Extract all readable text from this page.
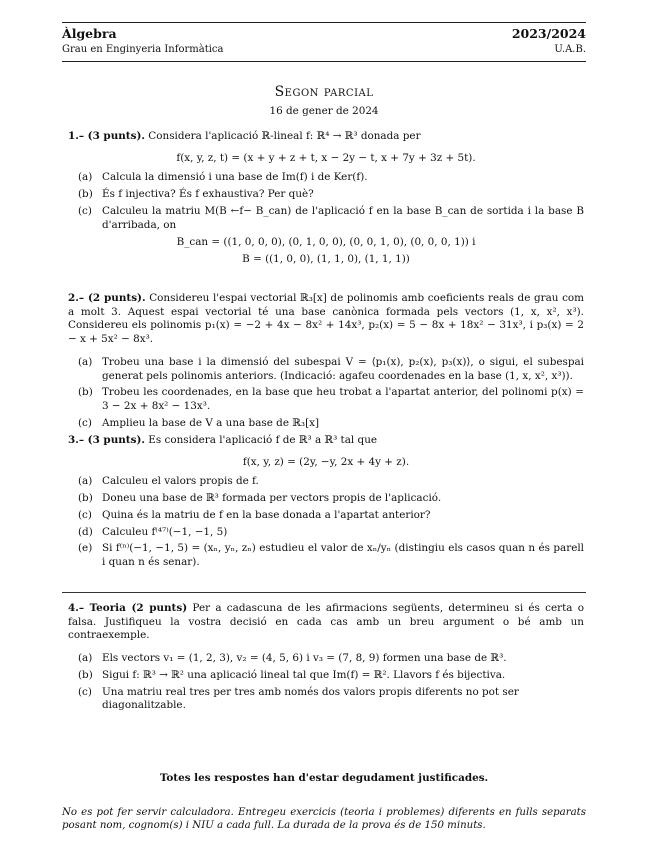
Àlgebra	2023/2024
Grau en Enginyeria Informàtica	U.A.B.
Segon parcial
16 de gener de 2024
1.– (3 punts). Considera l'aplicació ℝ-lineal f: ℝ⁴ → ℝ³ donada per
f(x, y, z, t) = (x + y + z + t, x − 2y − t, x + 7y + 3z + 5t).
(a) Calcula la dimensió i una base de Im(f) i de Ker(f).
(b) És f injectiva? És f exhaustiva? Per què?
(c) Calculeu la matriu M(B ←f− B_can) de l'aplicació f en la base B_can de sortida i la base B d'arribada, on
B_can = ((1, 0, 0, 0), (0, 1, 0, 0), (0, 0, 1, 0), (0, 0, 0, 1)) i
B = ((1, 0, 0), (1, 1, 0), (1, 1, 1))
2.– (2 punts). Considereu l'espai vectorial ℝ₃[x] de polinomis amb coeficients reals de grau com a molt 3. Aquest espai vectorial té una base canònica formada pels vectors (1, x, x², x³). Considereu els polinomis p₁(x) = −2 + 4x − 8x² + 14x³, p₂(x) = 5 − 8x + 18x² − 31x³, i p₃(x) = 2 − x + 5x² − 8x³.
(a) Trobeu una base i la dimensió del subespai V = ⟨p₁(x), p₂(x), p₃(x)⟩, o sigui, el subespai generat pels polinomis anteriors. (Indicació: agafeu coordenades en la base (1, x, x², x³)).
(b) Trobeu les coordenades, en la base que heu trobat a l'apartat anterior, del polinomi p(x) = 3 − 2x + 8x² − 13x³.
(c) Amplieu la base de V a una base de ℝ₃[x]
3.– (3 punts). Es considera l'aplicació f de ℝ³ a ℝ³ tal que
f(x, y, z) = (2y, −y, 2x + 4y + z).
(a) Calculeu el valors propis de f.
(b) Doneu una base de ℝ³ formada per vectors propis de l'aplicació.
(c) Quina és la matriu de f en la base donada a l'apartat anterior?
(d) Calculeu f⁽⁴⁷⁾(−1, −1, 5)
(e) Si f⁽ⁿ⁾(−1, −1, 5) = (xₙ, yₙ, zₙ) estudieu el valor de xₙ/yₙ (distingiu els casos quan n és parell i quan n és senar).
4.– Teoria (2 punts) Per a cadascuna de les afirmacions següents, determineu si és certa o falsa. Justifiqueu la vostra decisió en cada cas amb un breu argument o bé amb un contraexemple.
(a) Els vectors v₁ = (1, 2, 3), v₂ = (4, 5, 6) i v₃ = (7, 8, 9) formen una base de ℝ³.
(b) Sigui f: ℝ³ → ℝ² una aplicació lineal tal que Im(f) = ℝ². Llavors f és bijectiva.
(c) Una matriu real tres per tres amb només dos valors propis diferents no pot ser diagonalitzable.
Totes les respostes han d'estar degudament justificades.
No es pot fer servir calculadora. Entregeu exercicis (teoria i problemes) diferents en fulls separats posant nom, cognom(s) i NIU a cada full. La durada de la prova és de 150 minuts.
